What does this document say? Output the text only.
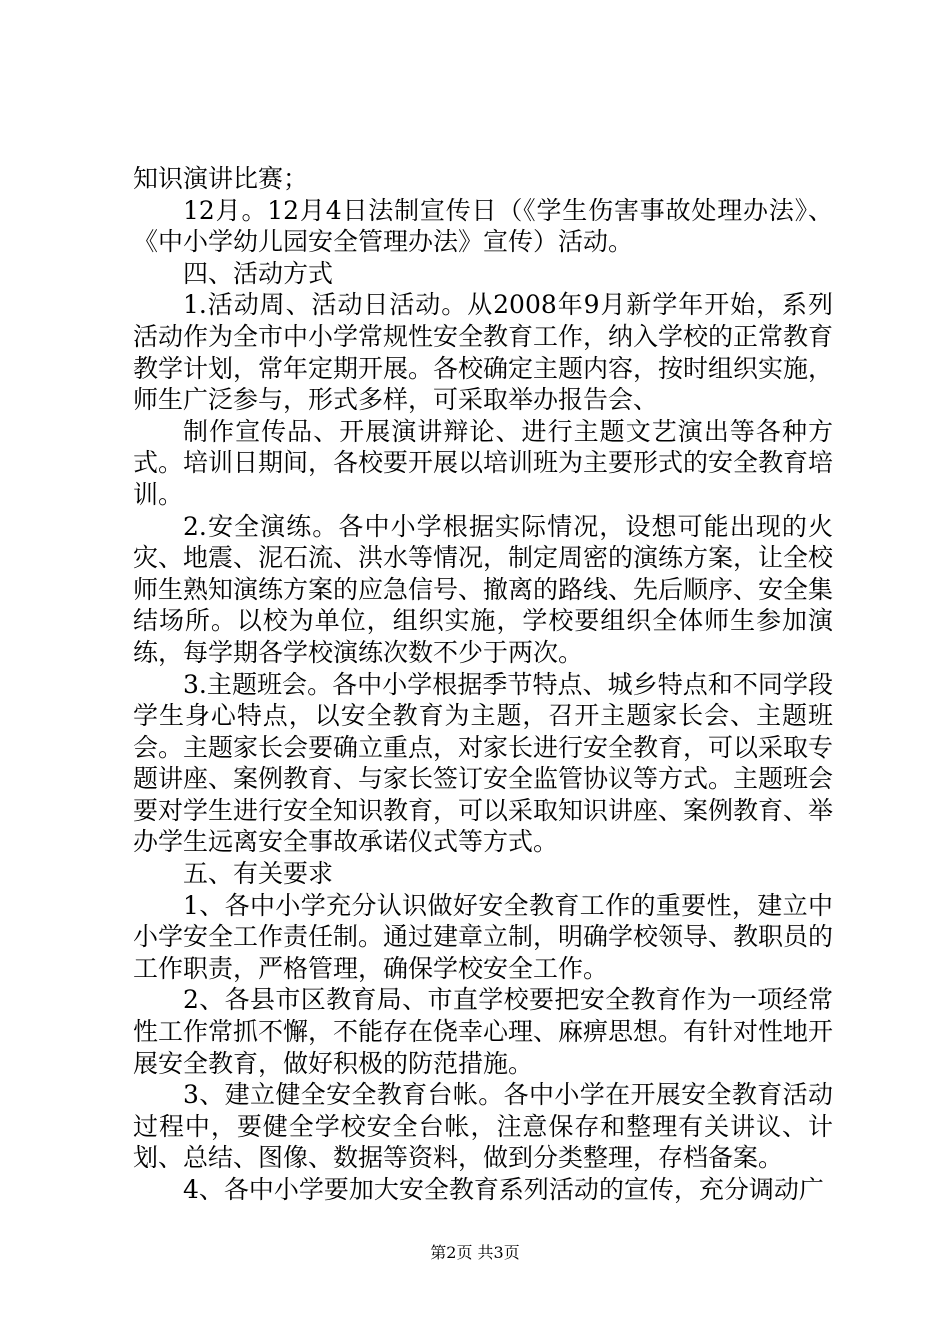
知识演讲比赛；

12月。12月4日法制宣传日（《学生伤害事故处理办法》、《中小学幼儿园安全管理办法》宣传）活动。

四、活动方式

1.活动周、活动日活动。从2008年9月新学年开始，系列活动作为全市中小学常规性安全教育工作，纳入学校的正常教育教学计划，常年定期开展。各校确定主题内容，按时组织实施，师生广泛参与，形式多样，可采取举办报告会、

制作宣传品、开展演讲辩论、进行主题文艺演出等各种方式。培训日期间，各校要开展以培训班为主要形式的安全教育培训。

2.安全演练。各中小学根据实际情况，设想可能出现的火灾、地震、泥石流、洪水等情况，制定周密的演练方案，让全校师生熟知演练方案的应急信号、撤离的路线、先后顺序、安全集结场所。以校为单位，组织实施，学校要组织全体师生参加演练，每学期各学校演练次数不少于两次。

3.主题班会。各中小学根据季节特点、城乡特点和不同学段学生身心特点，以安全教育为主题，召开主题家长会、主题班会。主题家长会要确立重点，对家长进行安全教育，可以采取专题讲座、案例教育、与家长签订安全监管协议等方式。主题班会要对学生进行安全知识教育，可以采取知识讲座、案例教育、举办学生远离安全事故承诺仪式等方式。

五、有关要求

1、各中小学充分认识做好安全教育工作的重要性，建立中小学安全工作责任制。通过建章立制，明确学校领导、教职员的工作职责，严格管理，确保学校安全工作。

2、各县市区教育局、市直学校要把安全教育作为一项经常性工作常抓不懈，不能存在侥幸心理、麻痹思想。有针对性地开展安全教育，做好积极的防范措施。

3、建立健全安全教育台帐。各中小学在开展安全教育活动过程中，要健全学校安全台帐，注意保存和整理有关讲议、计划、总结、图像、数据等资料，做到分类整理，存档备案。

4、各中小学要加大安全教育系列活动的宣传，充分调动广

第2页 共3页
